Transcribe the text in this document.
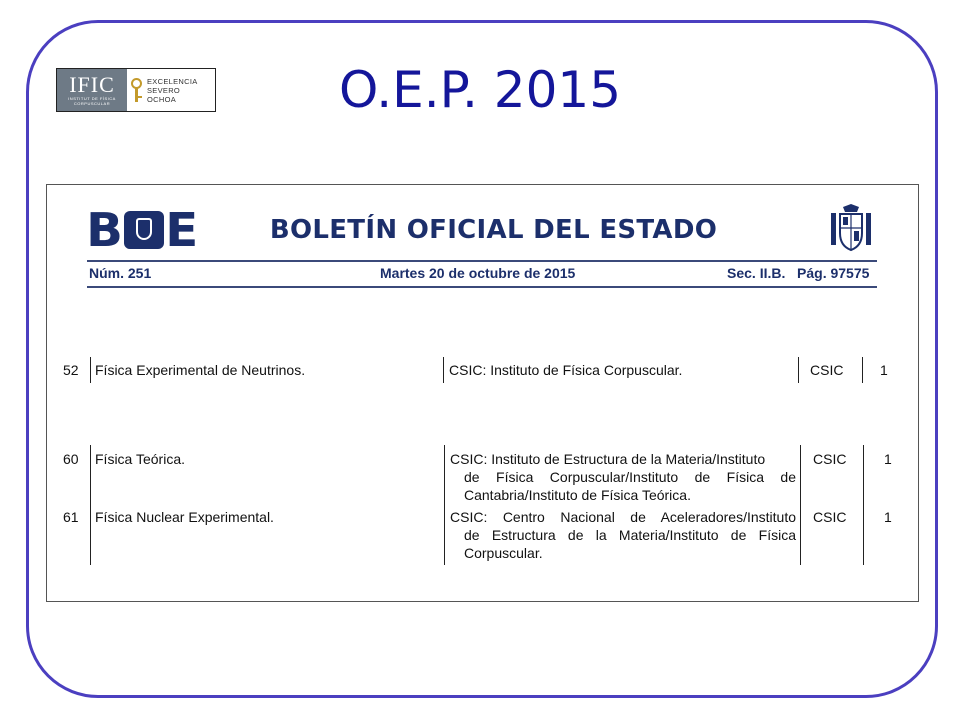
IFIC
INSTITUT DE FÍSICA CORPUSCULAR
EXCELENCIA
SEVERO
OCHOA	O.E.P. 2015
B E	BOLETÍN OFICIAL DEL ESTADO
Núm. 251	Martes 20 de octubre de 2015	Sec. II.B.   Pág. 97575
52 Física Experimental de Neutrinos.	CSIC: Instituto de Física Corpuscular.	CSIC	1
60 Física Teórica.	CSIC: Instituto de Estructura de la Materia/Instituto
de Física Corpuscular/Instituto de Física de
Cantabria/Instituto de Física Teórica.
CSIC	1
61 Física Nuclear Experimental.	CSIC: Centro Nacional de Aceleradores/Instituto
de Estructura de la Materia/Instituto de Física
Corpuscular.
CSIC	1
